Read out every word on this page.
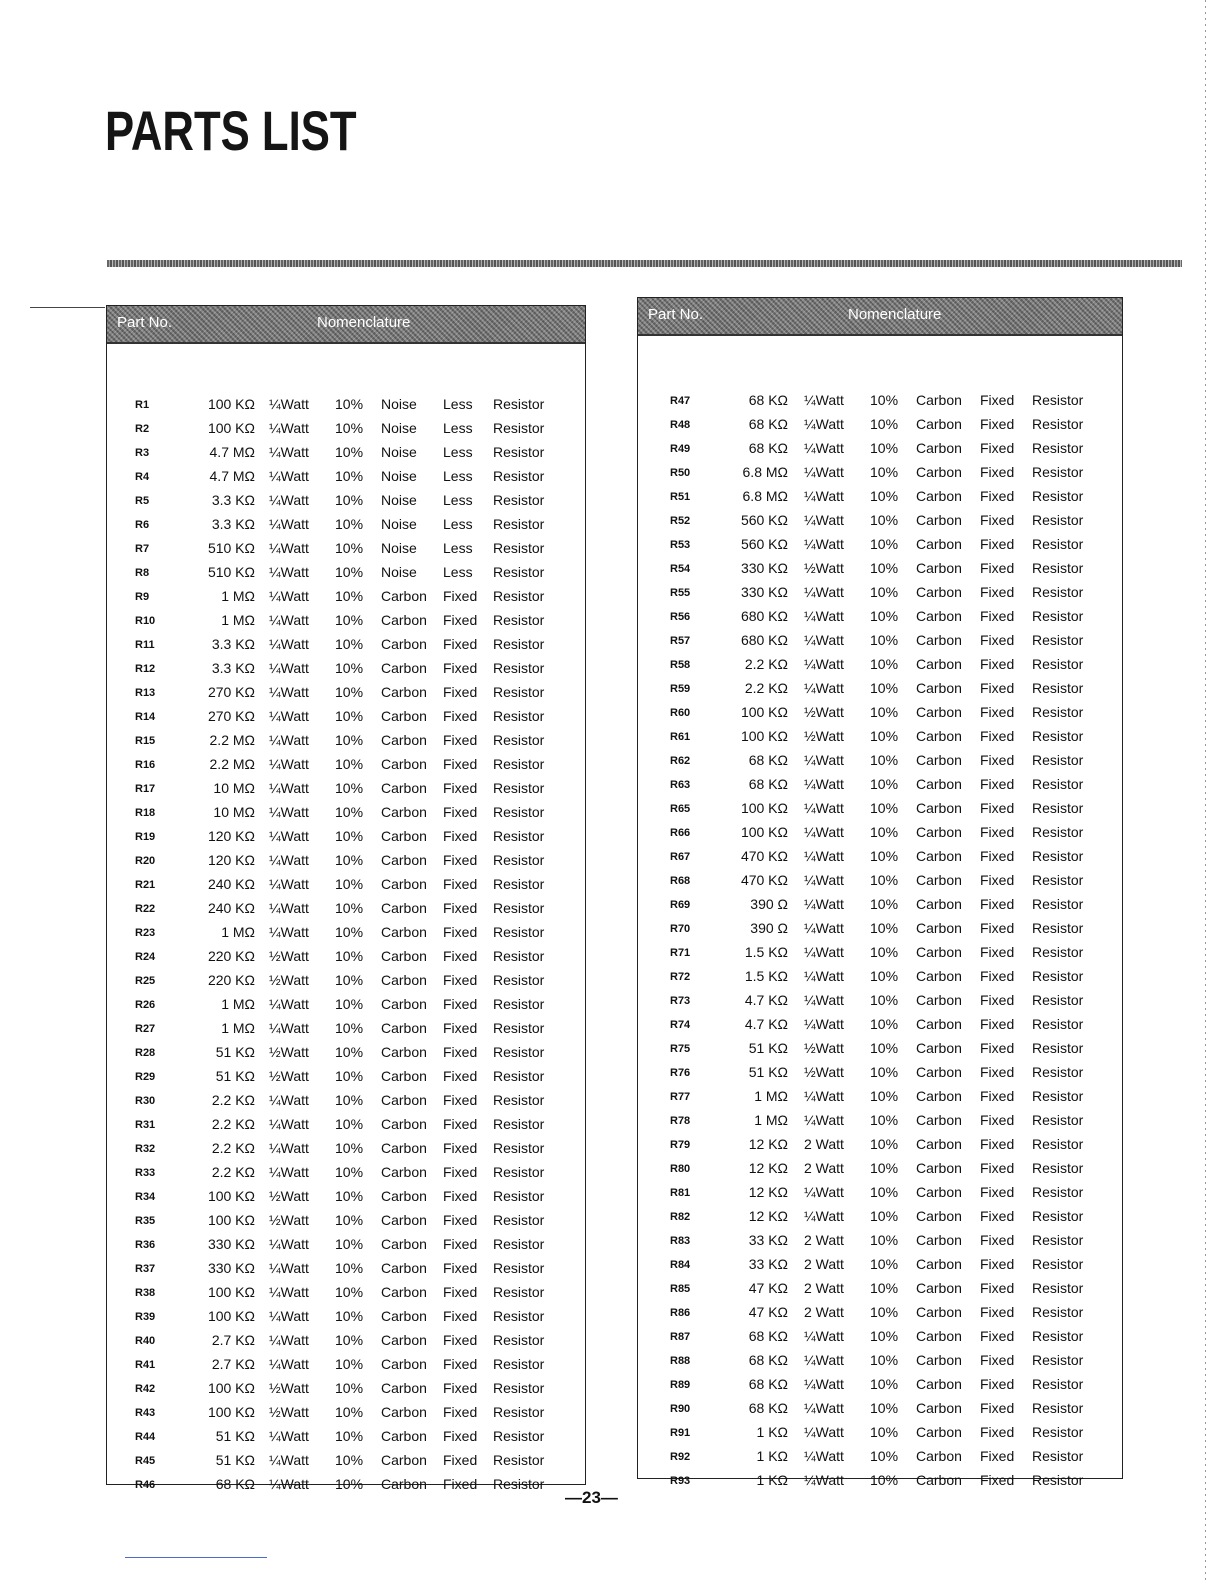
PARTS LIST
Part No.	Nomenclature
R1	100 KΩ ¼Watt 10% Noise Less Resistor
R2	100 KΩ ¼Watt 10% Noise Less Resistor
R3	4.7 MΩ ¼Watt 10% Noise Less Resistor
R4	4.7 MΩ ¼Watt 10% Noise Less Resistor
R5	3.3 KΩ ¼Watt 10% Noise Less Resistor
R6	3.3 KΩ ¼Watt 10% Noise Less Resistor
R7	510 KΩ ¼Watt 10% Noise Less Resistor
R8	510 KΩ ¼Watt 10% Noise Less Resistor
R9	1 MΩ ¼Watt 10% Carbon Fixed Resistor
R10	1 MΩ ¼Watt 10% Carbon Fixed Resistor
R11	3.3 KΩ ¼Watt 10% Carbon Fixed Resistor
R12	3.3 KΩ ¼Watt 10% Carbon Fixed Resistor
R13	270 KΩ ¼Watt 10% Carbon Fixed Resistor
R14	270 KΩ ¼Watt 10% Carbon Fixed Resistor
R15	2.2 MΩ ¼Watt 10% Carbon Fixed Resistor
R16	2.2 MΩ ¼Watt 10% Carbon Fixed Resistor
R17	10 MΩ ¼Watt 10% Carbon Fixed Resistor
R18	10 MΩ ¼Watt 10% Carbon Fixed Resistor
R19	120 KΩ ¼Watt 10% Carbon Fixed Resistor
R20	120 KΩ ¼Watt 10% Carbon Fixed Resistor
R21	240 KΩ ¼Watt 10% Carbon Fixed Resistor
R22	240 KΩ ¼Watt 10% Carbon Fixed Resistor
R23	1 MΩ ¼Watt 10% Carbon Fixed Resistor
R24	220 KΩ ½Watt 10% Carbon Fixed Resistor
R25	220 KΩ ½Watt 10% Carbon Fixed Resistor
R26	1 MΩ ¼Watt 10% Carbon Fixed Resistor
R27	1 MΩ ¼Watt 10% Carbon Fixed Resistor
R28	51 KΩ ½Watt 10% Carbon Fixed Resistor
R29	51 KΩ ½Watt 10% Carbon Fixed Resistor
R30	2.2 KΩ ¼Watt 10% Carbon Fixed Resistor
R31	2.2 KΩ ¼Watt 10% Carbon Fixed Resistor
R32	2.2 KΩ ¼Watt 10% Carbon Fixed Resistor
R33	2.2 KΩ ¼Watt 10% Carbon Fixed Resistor
R34	100 KΩ ½Watt 10% Carbon Fixed Resistor
R35	100 KΩ ½Watt 10% Carbon Fixed Resistor
R36	330 KΩ ¼Watt 10% Carbon Fixed Resistor
R37	330 KΩ ¼Watt 10% Carbon Fixed Resistor
R38	100 KΩ ¼Watt 10% Carbon Fixed Resistor
R39	100 KΩ ¼Watt 10% Carbon Fixed Resistor
R40	2.7 KΩ ¼Watt 10% Carbon Fixed Resistor
R41	2.7 KΩ ¼Watt 10% Carbon Fixed Resistor
R42	100 KΩ ½Watt 10% Carbon Fixed Resistor
R43	100 KΩ ½Watt 10% Carbon Fixed Resistor
R44	51 KΩ ¼Watt 10% Carbon Fixed Resistor
R45	51 KΩ ¼Watt 10% Carbon Fixed Resistor
R46	68 KΩ ¼Watt 10% Carbon Fixed Resistor
Part No.	Nomenclature
R47	68 KΩ ¼Watt 10% Carbon Fixed Resistor
R48	68 KΩ ¼Watt 10% Carbon Fixed Resistor
R49	68 KΩ ¼Watt 10% Carbon Fixed Resistor
R50	6.8 MΩ ¼Watt 10% Carbon Fixed Resistor
R51	6.8 MΩ ¼Watt 10% Carbon Fixed Resistor
R52	560 KΩ ¼Watt 10% Carbon Fixed Resistor
R53	560 KΩ ¼Watt 10% Carbon Fixed Resistor
R54	330 KΩ ½Watt 10% Carbon Fixed Resistor
R55	330 KΩ ¼Watt 10% Carbon Fixed Resistor
R56	680 KΩ ¼Watt 10% Carbon Fixed Resistor
R57	680 KΩ ¼Watt 10% Carbon Fixed Resistor
R58	2.2 KΩ ¼Watt 10% Carbon Fixed Resistor
R59	2.2 KΩ ¼Watt 10% Carbon Fixed Resistor
R60	100 KΩ ½Watt 10% Carbon Fixed Resistor
R61	100 KΩ ½Watt 10% Carbon Fixed Resistor
R62	68 KΩ ¼Watt 10% Carbon Fixed Resistor
R63	68 KΩ ¼Watt 10% Carbon Fixed Resistor
R65	100 KΩ ¼Watt 10% Carbon Fixed Resistor
R66	100 KΩ ¼Watt 10% Carbon Fixed Resistor
R67	470 KΩ ¼Watt 10% Carbon Fixed Resistor
R68	470 KΩ ¼Watt 10% Carbon Fixed Resistor
R69	390 Ω ¼Watt 10% Carbon Fixed Resistor
R70	390 Ω ¼Watt 10% Carbon Fixed Resistor
R71	1.5 KΩ ¼Watt 10% Carbon Fixed Resistor
R72	1.5 KΩ ¼Watt 10% Carbon Fixed Resistor
R73	4.7 KΩ ¼Watt 10% Carbon Fixed Resistor
R74	4.7 KΩ ¼Watt 10% Carbon Fixed Resistor
R75	51 KΩ ½Watt 10% Carbon Fixed Resistor
R76	51 KΩ ½Watt 10% Carbon Fixed Resistor
R77	1 MΩ ¼Watt 10% Carbon Fixed Resistor
R78	1 MΩ ¼Watt 10% Carbon Fixed Resistor
R79	12 KΩ 2 Watt 10% Carbon Fixed Resistor
R80	12 KΩ 2 Watt 10% Carbon Fixed Resistor
R81	12 KΩ ¼Watt 10% Carbon Fixed Resistor
R82	12 KΩ ¼Watt 10% Carbon Fixed Resistor
R83	33 KΩ 2 Watt 10% Carbon Fixed Resistor
R84	33 KΩ 2 Watt 10% Carbon Fixed Resistor
R85	47 KΩ 2 Watt 10% Carbon Fixed Resistor
R86	47 KΩ 2 Watt 10% Carbon Fixed Resistor
R87	68 KΩ ¼Watt 10% Carbon Fixed Resistor
R88	68 KΩ ¼Watt 10% Carbon Fixed Resistor
R89	68 KΩ ¼Watt 10% Carbon Fixed Resistor
R90	68 KΩ ¼Watt 10% Carbon Fixed Resistor
R91	1 KΩ ¼Watt 10% Carbon Fixed Resistor
R92	1 KΩ ¼Watt 10% Carbon Fixed Resistor
R93	1 KΩ ¼Watt 10% Carbon Fixed Resistor
—23—
